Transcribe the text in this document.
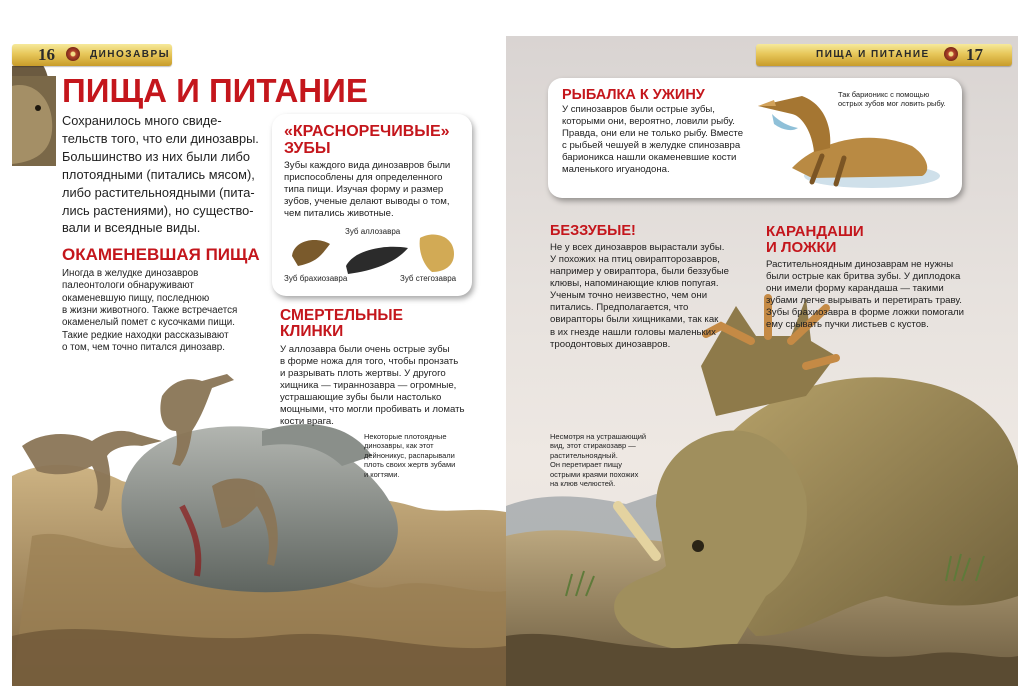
16	ДИНОЗАВРЫ	ПИЩА И ПИТАНИЕ 17
ПИЩА И ПИТАНИЕ
Сохранилось много свиде-
тельств того, что ели динозавры.
Большинство из них были либо
плотоядными (питались мясом),
либо растительноядными (пита-
лись растениями), но существо-
вали и всеядные виды.
ОКАМЕНЕВШАЯ ПИЩА
Иногда в желудке динозавров
палеонтологи обнаруживают
окаменевшую пищу, последнюю
в жизни животного. Также встречается
окаменелый помет с кусочками пищи.
Такие редкие находки рассказывают
о том, чем точно питался динозавр.
«КРАСНОРЕЧИВЫЕ»
ЗУБЫ
Зубы каждого вида динозавров были
приспособлены для определенного
типа пищи. Изучая форму и размер
зубов, ученые делают выводы о том,
чем питались животные.
Зуб аллозавра
Зуб брахиозавра	Зуб стегозавра
СМЕРТЕЛЬНЫЕ
КЛИНКИ
У аллозавра были очень острые зубы
в форме ножа для того, чтобы пронзать
и разрывать плоть жертвы. У другого
хищника — тираннозавра — огромные,
устрашающие зубы были настолько
мощными, что могли пробивать и ломать
кости врага.
Некоторые плотоядные
динозавры, как этот
дейноникус, распарывали
плоть своих жертв зубами
и когтями.
РЫБАЛКА К УЖИНУ
У спинозавров были острые зубы,
которыми они, вероятно, ловили рыбу.
Правда, они ели не только рыбу. Вместе
с рыбьей чешуей в желудке спинозавра
барионикса нашли окаменевшие кости
маленького игуанодона.
Так барионикс с помощью
острых зубов мог ловить рыбу.
БЕЗЗУБЫЕ!
Не у всех динозавров вырастали зубы.
У похожих на птиц овирапторозавров,
например у овираптора, были беззубые
клювы, напоминающие клюв попугая.
Ученым точно неизвестно, чем они
питались. Предполагается, что
овирапторы были хищниками, так как
в их гнезде нашли головы маленьких
троодонтовых динозавров.
КАРАНДАШИ
И ЛОЖКИ
Растительноядным динозаврам не нужны
были острые как бритва зубы. У диплодока
они имели форму карандаша — такими
зубами легче вырывать и перетирать траву.
Зубы брахиозавра в форме ложки помогали
ему срывать пучки листьев с кустов.
Несмотря на устрашающий
вид, этот стиракозавр —
растительноядный.
Он перетирает пищу
острыми краями похожих
на клюв челюстей.
